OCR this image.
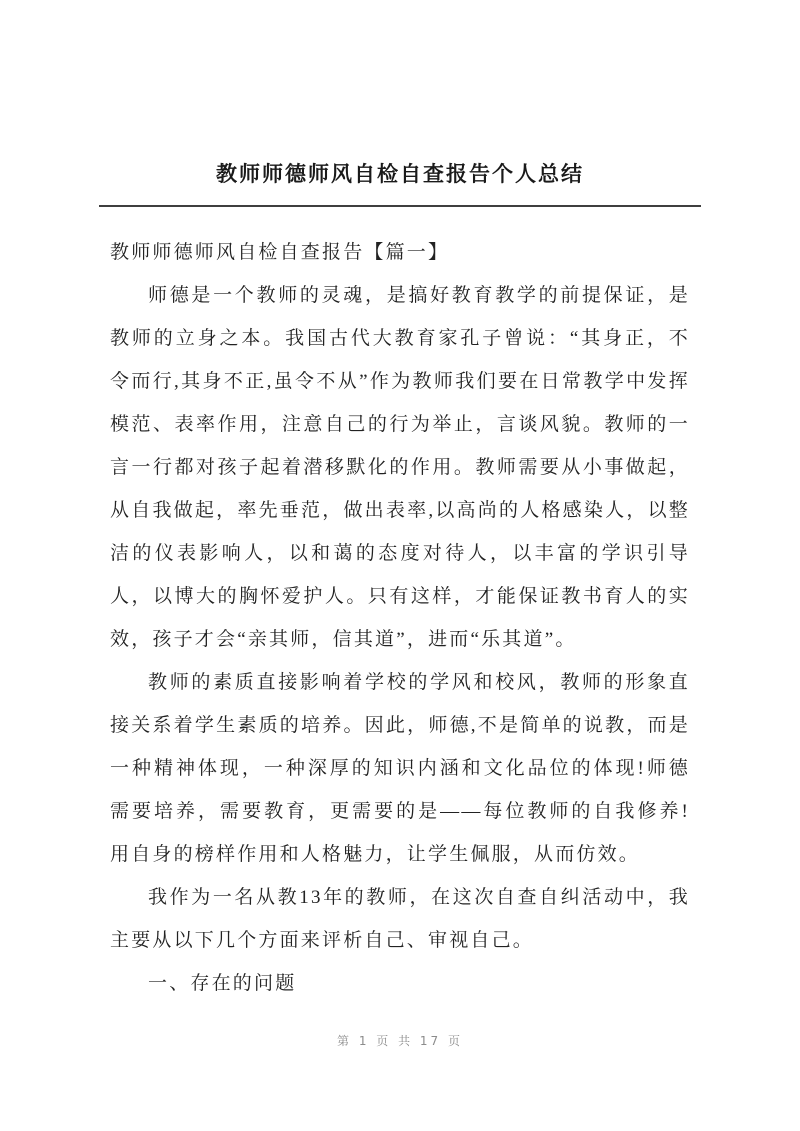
教师师德师风自检自查报告个人总结

教师师德师风自检自查报告【篇一】

师德是一个教师的灵魂，是搞好教育教学的前提保证，是教师的立身之本。我国古代大教育家孔子曾说：“其身正，不令而行,其身不正,虽令不从”作为教师我们要在日常教学中发挥模范、表率作用，注意自己的行为举止，言谈风貌。教师的一言一行都对孩子起着潜移默化的作用。教师需要从小事做起，从自我做起，率先垂范，做出表率,以高尚的人格感染人，以整洁的仪表影响人，以和蔼的态度对待人，以丰富的学识引导人，以博大的胸怀爱护人。只有这样，才能保证教书育人的实效，孩子才会“亲其师，信其道”，进而“乐其道”。

教师的素质直接影响着学校的学风和校风，教师的形象直接关系着学生素质的培养。因此，师德,不是简单的说教，而是一种精神体现，一种深厚的知识内涵和文化品位的体现!师德需要培养，需要教育，更需要的是——每位教师的自我修养!用自身的榜样作用和人格魅力，让学生佩服，从而仿效。

我作为一名从教13年的教师，在这次自查自纠活动中，我主要从以下几个方面来评析自己、审视自己。

一、存在的问题

第 1 页 共 17 页
